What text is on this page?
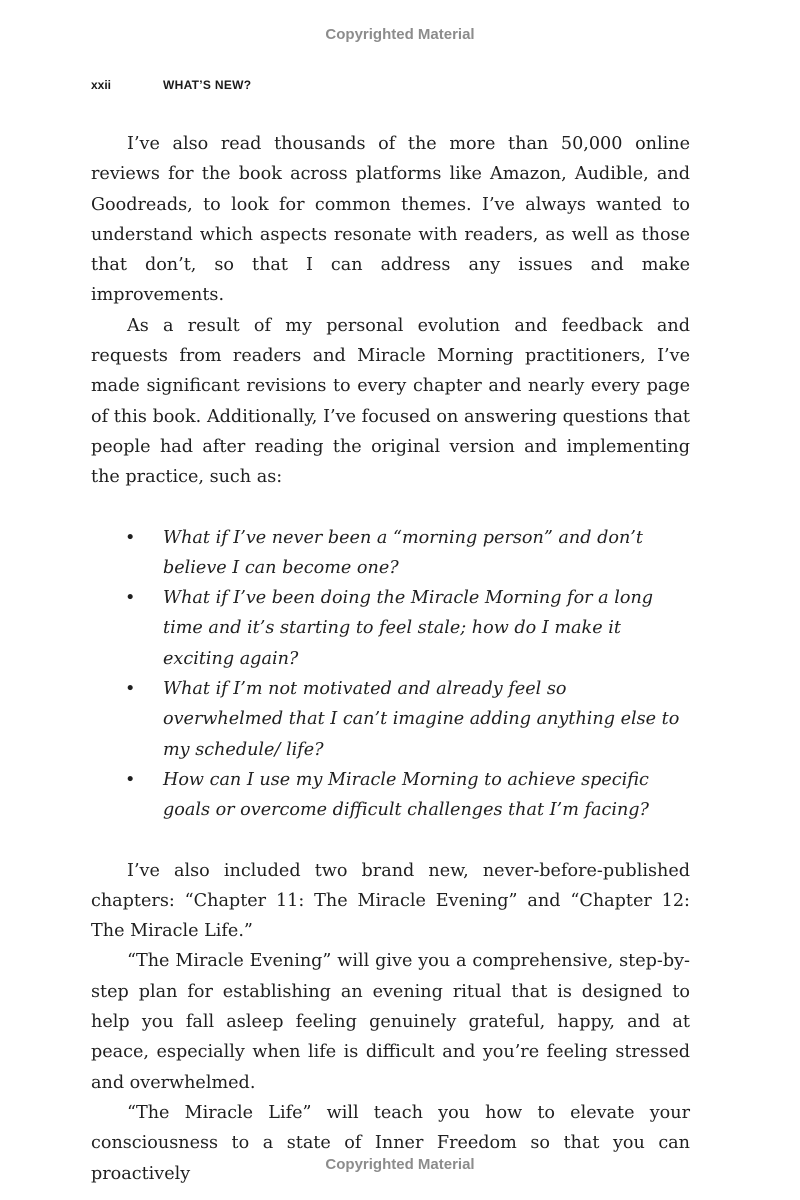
Copyrighted Material
xxii	WHAT’S NEW?

I’ve also read thousands of the more than 50,000 online reviews for the book across platforms like Amazon, Audible, and Goodreads, to look for common themes. I’ve always wanted to understand which aspects resonate with readers, as well as those that don’t, so that I can address any issues and make improvements.

As a result of my personal evolution and feedback and requests from readers and Miracle Morning practitioners, I’ve made significant revisions to every chapter and nearly every page of this book. Additionally, I’ve focused on answering questions that people had after reading the original version and implementing the practice, such as:

• What if I’ve never been a “morning person” and don’t believe I can become one?
• What if I’ve been doing the Miracle Morning for a long time and it’s starting to feel stale; how do I make it exciting again?
• What if I’m not motivated and already feel so overwhelmed that I can’t imagine adding anything else to my schedule/ life?
• How can I use my Miracle Morning to achieve specific goals or overcome difficult challenges that I’m facing?

I’ve also included two brand new, never-before-published chapters: “Chapter 11: The Miracle Evening” and “Chapter 12: The Miracle Life.”

“The Miracle Evening” will give you a comprehensive, step-by-step plan for establishing an evening ritual that is designed to help you fall asleep feeling genuinely grateful, happy, and at peace, especially when life is difficult and you’re feeling stressed and overwhelmed.

“The Miracle Life” will teach you how to elevate your consciousness to a state of Inner Freedom so that you can proactively	Copyrighted Material
